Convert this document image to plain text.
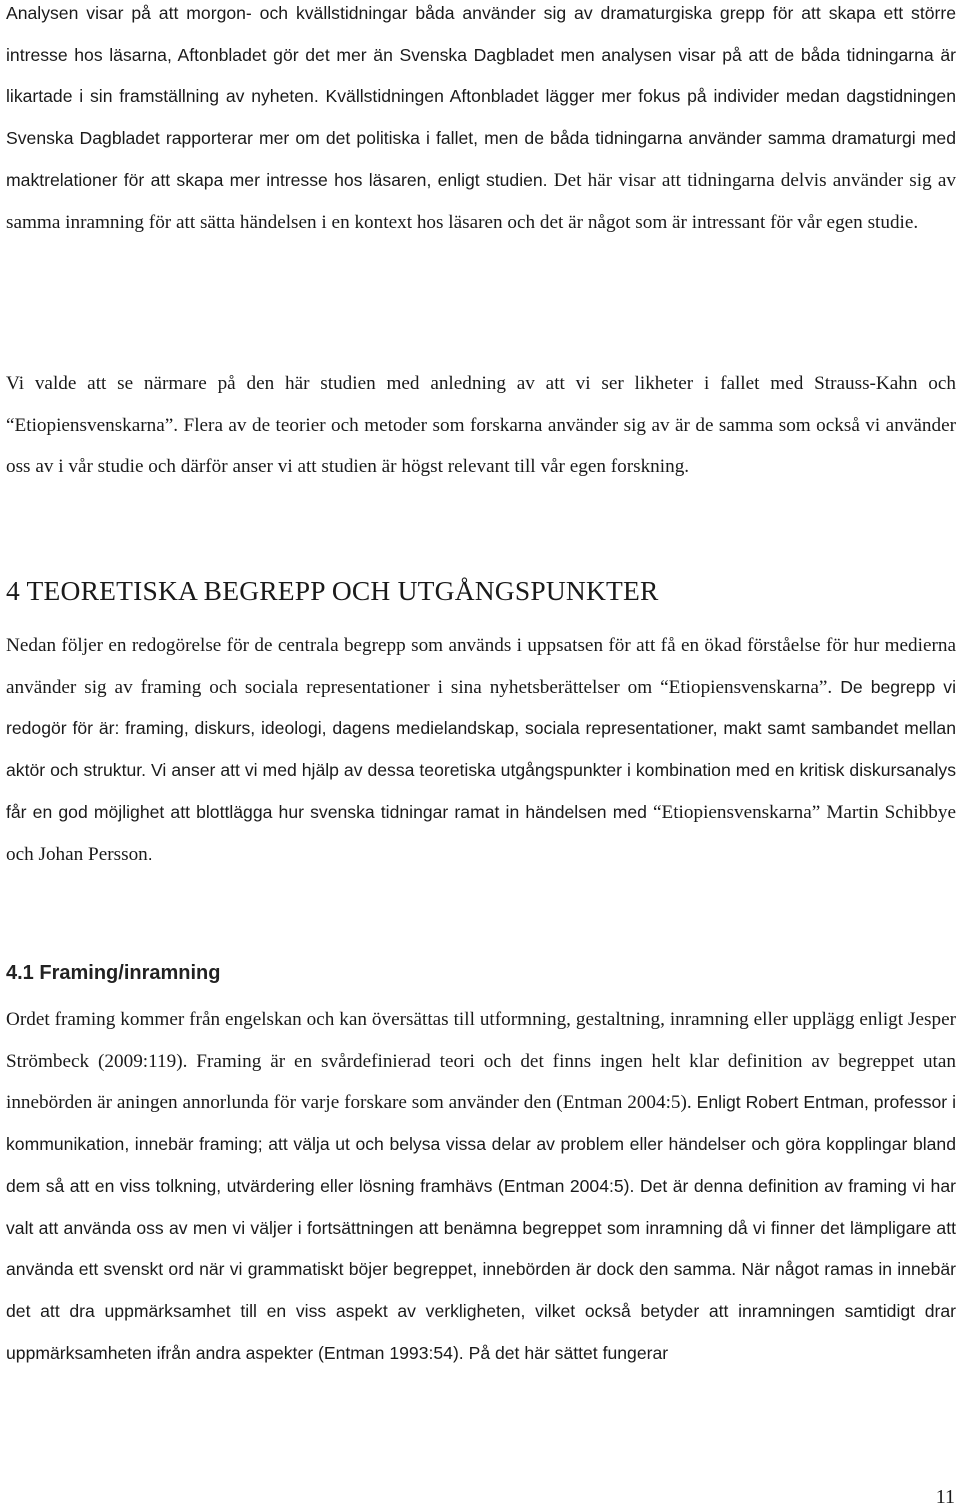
Analysen visar på att morgon- och kvällstidningar båda använder sig av dramaturgiska grepp för att skapa ett större intresse hos läsarna, Aftonbladet gör det mer än Svenska Dagbladet men analysen visar på att de båda tidningarna är likartade i sin framställning av nyheten. Kvällstidningen Aftonbladet lägger mer fokus på individer medan dagstidningen Svenska Dagbladet rapporterar mer om det politiska i fallet, men de båda tidningarna använder samma dramaturgi med maktrelationer för att skapa mer intresse hos läsaren, enligt studien. Det här visar att tidningarna delvis använder sig av samma inramning för att sätta händelsen i en kontext hos läsaren och det är något som är intressant för vår egen studie.

Vi valde att se närmare på den här studien med anledning av att vi ser likheter i fallet med Strauss-Kahn och “Etiopiensvenskarna”. Flera av de teorier och metoder som forskarna använder sig av är de samma som också vi använder oss av i vår studie och därför anser vi att studien är högst relevant till vår egen forskning.

4 TEORETISKA BEGREPP OCH UTGÅNGSPUNKTER

Nedan följer en redogörelse för de centrala begrepp som används i uppsatsen för att få en ökad förståelse för hur medierna använder sig av framing och sociala representationer i sina nyhetsberättelser om “Etiopiensvenskarna”. De begrepp vi redogör för är: framing, diskurs, ideologi, dagens medielandskap, sociala representationer, makt samt sambandet mellan aktör och struktur. Vi anser att vi med hjälp av dessa teoretiska utgångspunkter i kombination med en kritisk diskursanalys får en god möjlighet att blottlägga hur svenska tidningar ramat in händelsen med “Etiopiensvenskarna” Martin Schibbye och Johan Persson.

4.1 Framing/inramning

Ordet framing kommer från engelskan och kan översättas till utformning, gestaltning, inramning eller upplägg enligt Jesper Strömbeck (2009:119). Framing är en svårdefinierad teori och det finns ingen helt klar definition av begreppet utan innebörden är aningen annorlunda för varje forskare som använder den (Entman 2004:5). Enligt Robert Entman, professor i kommunikation, innebär framing; att välja ut och belysa vissa delar av problem eller händelser och göra kopplingar bland dem så att en viss tolkning, utvärdering eller lösning framhävs (Entman 2004:5). Det är denna definition av framing vi har valt att använda oss av men vi väljer i fortsättningen att benämna begreppet som inramning då vi finner det lämpligare att använda ett svenskt ord när vi grammatiskt böjer begreppet, innebörden är dock den samma. När något ramas in innebär det att dra uppmärksamhet till en viss aspekt av verkligheten, vilket också betyder att inramningen samtidigt drar uppmärksamheten ifrån andra aspekter (Entman 1993:54). På det här sättet fungerar

11
